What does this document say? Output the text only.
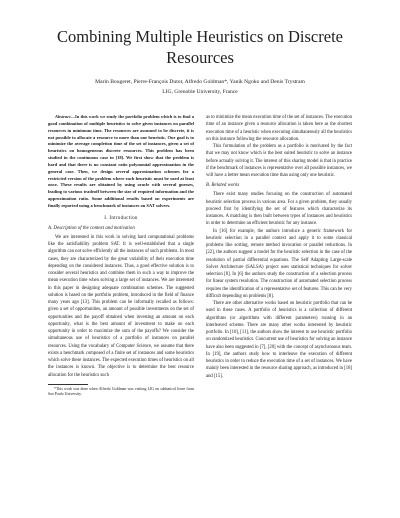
Combining Multiple Heuristics on Discrete
Resources
Marin Bougeret, Pierre-François Dutot, Alfredo Goldman*, Yanik Ngoko and Denis Trystram
LIG, Grenoble University, France

Abstract—In this work we study the portfolio problem which is to find a good combination of multiple heuristics to solve given instances on parallel resources in minimum time. The resources are assumed to be discrete, it is not possible to allocate a resource to more than one heuristic. Our goal is to minimize the average completion time of the set of instances, given a set of heuristics on homogeneous discrete resources. This problem has been studied in the continuous case in [18]. We first show that the problem is hard and that there is no constant ratio polynomial approximation in the general case. Then, we design several approximation schemes for a restricted version of the problem where each heuristic must be used at least once. These results are obtained by using oracle with several guesses, leading to various tradeoff between the size of required information and the approximation ratio. Some additional results based on experiments are finally reported using a benchmark of instances on SAT solvers.

I. Introduction
A. Description of the context and motivation

We are interested in this work in solving hard computational problems like the satisfiability problem SAT. It is well-established that a single algorithm can not solve efficiently all the instances of such problems. In most cases, they are characterized by the great variability of their execution time depending on the considered instances. Thus, a good effective solution is to consider several heuristics and combine them in such a way to improve the mean execution time when solving a large set of instances. We are interested in this paper in designing adequate combination schemes. The suggested solution is based on the portfolio problem, introduced in the field of finance many years ago [13]. This problem can be informally recalled as follows: given a set of opportunities, an amount of possible investments on the set of opportunities and the payoff obtained when investing an amount on each opportunity, what is the best amount of investment to make on each opportunity in order to maximize the sum of the payoffs? We consider the simultaneous use of heuristics of a portfolio of instances on parallel resources. Using the vocabulary of Computer Science, we assume that there exists a benchmark composed of a finite set of instances and some heuristics which solve these instances. The expected execution times of heuristics on all the instances is known. The objective is to determine the best resource allocation for the heuristics such

*This work was done when Alfredo Goldman was visiting LIG on sabbatical leave from Sao Paulo University.

as to minimize the mean execution time of the set of instances. The execution time of an instance given a resource allocation is taken here as the shortest execution time of a heuristic when executing simultaneously all the heuristics on this instance following the resource allocation.

This formulation of the problem as a portfolio is motivated by the fact that we may not know which is the best suited heuristic to solve an instance before actually solving it. The interest of this sharing model is that in practice if the benchmark of instances is representative over all possible instances, we will have a better mean execution time than using only one heuristic.

B. Related works

There exist many studies focusing on the construction of automated heuristic selection process in various area. For a given problem, they usually proceed first by identifying the set of features which characterize its instances. A matching is then built between types of instances and heuristics in order to determine an efficient heuristic for any instance.

In [16] for example, the authors introduce a generic framework for heuristic selection in a parallel context and apply it to some classical problems like sorting, remote method invocation or parallel reductions. In [22], the authors suggest a model for the heuristic selection in the case of the resolution of partial differential equations. The Self Adapting Large-scale Solver Architecture (SALSA) project uses statistical techniques for solver selection [8]. In [6] the authors study the construction of a selection process for linear system resolution. The construction of automated selection process requires the identification of a representative set of features. This can be very difficult depending on problems [8].

There are other alternative works based on heuristic portfolio that can be used in these cases. A portfolio of heuristics is a collection of different algorithms (or algorithms with different parameters) running in an interleaved scheme. There are many other works interested by heuristic portfolio. In [10], [11], the authors show the interest to use heuristic portfolio on randomized heuristics. Concurrent use of heuristics for solving an instance have also been suggested in [7], [20] with the concept of asynchronous team. In [19], the authors study how to interleave the execution of different heuristics in order to reduce the execution time of a set of instances. We have mainly been interested in the resource sharing approach, as introduced in [18] and [15].
